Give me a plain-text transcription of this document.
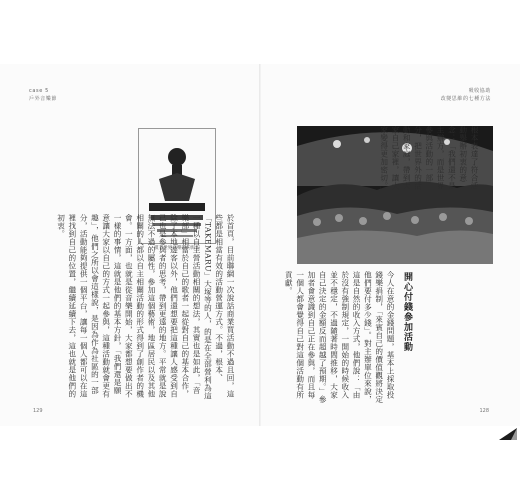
case 5
戶外音樂節
吸收協助
改變思維的七種方法
模下世界音樂節的海報	於首頁，目前聯網一次說話商業買活動不過且回，這些都是相當有效的活動營運方式。不過，根本、「TAKEMARU」大塚等的人，的是在全部營利為這一種以自主營活動相關的想法，其實也是如此，「音樂部」相當於自己的歌者一起從對自己的基本合作，除了本地遊客以外，他們還想要把這種讓人感受到自己也是參與者的思考，帶到更遠的地方。平常就是說無法不過的屬性，參加這個藝術，地區居民以及其他相關的人都以自主相關活動的形式得到了創作者的機會。一方面，也就是從音樂開始，大家都想要做出不一樣的事情，這就是他們的基本方針，「我們還是願意讓大家以自己的方式一起參與，這種活動就會更有趣」，他們之所以會這樣說，是因為作為社區的一部分，活動能夠提供一個平台，讓每一個人都可以在這裡找到自己的位置，繼續延續下去，這也就是他們的初衷。
根本表達了符合活動舉辦初衷的意念：「我們還不是主辦方，而是世界參與活動的一部分，把世界外的活動和家庭，帶到大家自己家裡，讓大家變得更加密切。」
開心付錢參加活動
今人在意的金錢問題，基本上採取投錢樂捐制，「來賓自己的價值觀將決定他們要付多少錢」。對主辦單位來說，這是自然的收入方式，他們說：「由於沒有強制規定，一開始的時候收入並不穩定，不過隨著時間推移，大家自己決定的金額反而超越了預期。」參加者會意識到自己正在參與，而且每一個人都會覺得自己對這個活動有所貢獻。
129	128
